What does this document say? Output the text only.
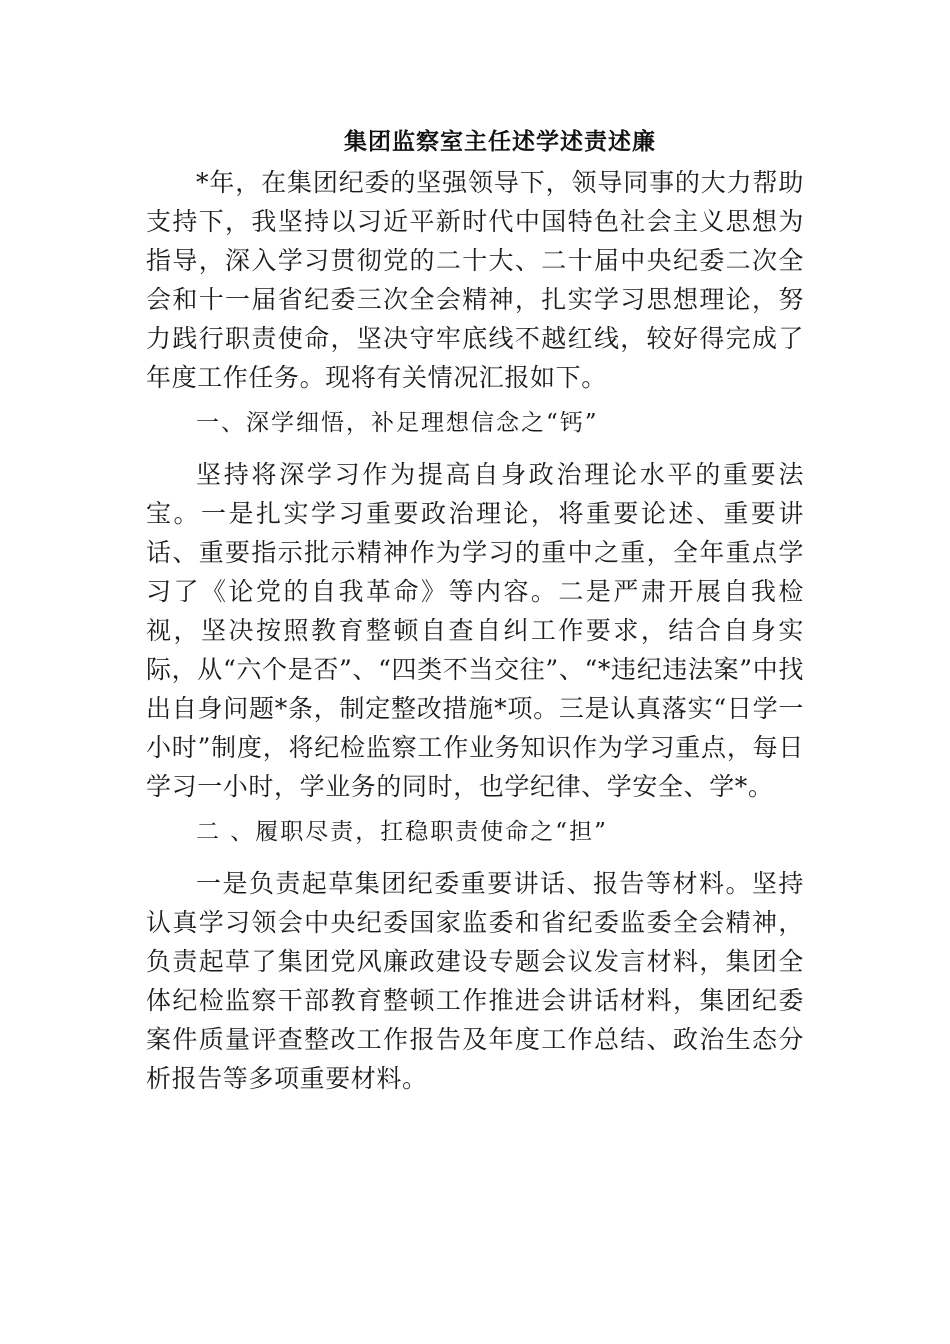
集团监察室主任述学述责述廉

*年，在集团纪委的坚强领导下，领导同事的大力帮助支持下，我坚持以习近平新时代中国特色社会主义思想为指导，深入学习贯彻党的二十大、二十届中央纪委二次全会和十一届省纪委三次全会精神，扎实学习思想理论，努力践行职责使命，坚决守牢底线不越红线，较好得完成了年度工作任务。现将有关情况汇报如下。

一、深学细悟，补足理想信念之“钙”

坚持将深学习作为提高自身政治理论水平的重要法宝。一是扎实学习重要政治理论，将重要论述、重要讲话、重要指示批示精神作为学习的重中之重，全年重点学习了《论党的自我革命》等内容。二是严肃开展自我检视，坚决按照教育整顿自查自纠工作要求，结合自身实际，从“六个是否”、“四类不当交往”、“*违纪违法案”中找出自身问题*条，制定整改措施*项。三是认真落实“日学一小时”制度，将纪检监察工作业务知识作为学习重点，每日学习一小时，学业务的同时，也学纪律、学安全、学*。

二 、履职尽责，扛稳职责使命之“担”

一是负责起草集团纪委重要讲话、报告等材料。坚持认真学习领会中央纪委国家监委和省纪委监委全会精神，负责起草了集团党风廉政建设专题会议发言材料，集团全体纪检监察干部教育整顿工作推进会讲话材料，集团纪委案件质量评查整改工作报告及年度工作总结、政治生态分析报告等多项重要材料。
